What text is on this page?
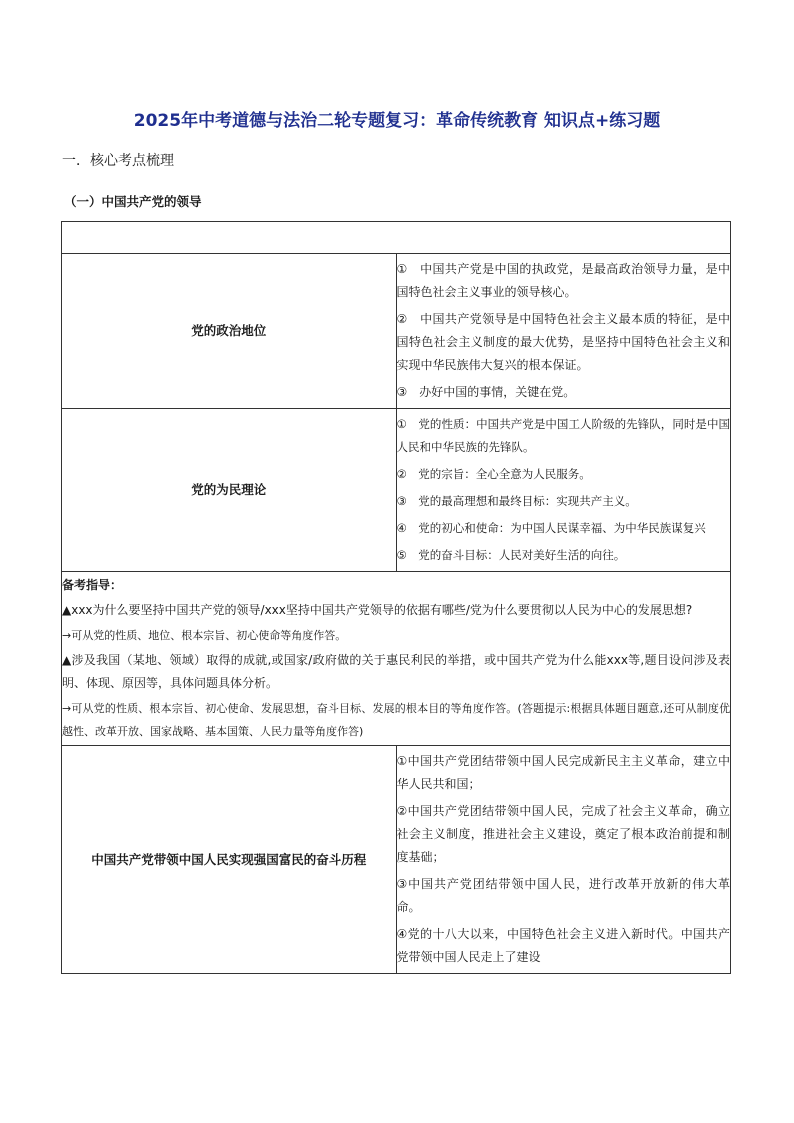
2025年中考道德与法治二轮专题复习：革命传统教育 知识点+练习题

一．核心考点梳理

（一）中国共产党的领导

党的政治地位	①　中国共产党是中国的执政党，是最高政治领导力量，是中国特色社会主义事业的领导核心。

②　中国共产党领导是中国特色社会主义最本质的特征，是中国特色社会主义制度的最大优势，是坚持中国特色社会主义和实现中华民族伟大复兴的根本保证。

③　办好中国的事情，关键在党。

党的为民理论	①　党的性质：中国共产党是中国工人阶级的先锋队，同时是中国人民和中华民族的先锋队。

②　党的宗旨：全心全意为人民服务。

③　党的最高理想和最终目标：实现共产主义。

④　党的初心和使命：为中国人民谋幸福、为中华民族谋复兴

⑤　党的奋斗目标：人民对美好生活的向往。

备考指导：

▲xxx为什么要坚持中国共产党的领导/xxx坚持中国共产党领导的依据有哪些/党为什么要贯彻以人民为中心的发展思想?

→可从党的性质、地位、根本宗旨、初心使命等角度作答。

▲涉及我国（某地、领域）取得的成就,或国家/政府做的关于惠民利民的举措，或中国共产党为什么能xxx等,题目设问涉及表明、体现、原因等，具体问题具体分析。

→可从党的性质、根本宗旨、初心使命、发展思想，奋斗目标、发展的根本目的等角度作答。(答题提示:根据具体题目题意,还可从制度优越性、改革开放、国家战略、基本国策、人民力量等角度作答)	

中国共产党带领中国人民实现强国富民的奋斗历程	①中国共产党团结带领中国人民完成新民主主义革命，建立中华人民共和国；

②中国共产党团结带领中国人民，完成了社会主义革命，确立社会主义制度，推进社会主义建设，奠定了根本政治前提和制度基础；

③中国共产党团结带领中国人民，进行改革开放新的伟大革命。

④党的十八大以来，中国特色社会主义进入新时代。中国共产党带领中国人民走上了建设
